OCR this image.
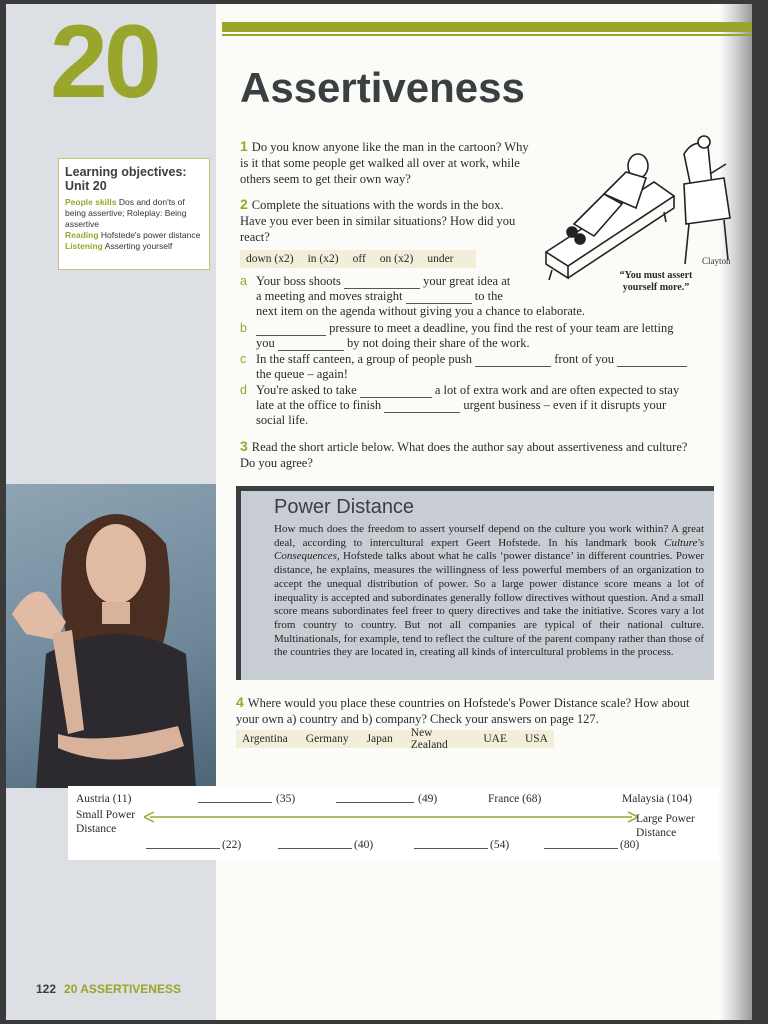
20 Assertiveness
Learning objectives: Unit 20
People skills Dos and don'ts of being assertive; Roleplay: Being assertive
Reading Hofstede's power distance
Listening Asserting yourself
1 Do you know anyone like the man in the cartoon? Why is it that some people get walked all over at work, while others seem to get their own way?
2 Complete the situations with the words in the box. Have you ever been in similar situations? How did you react?
down (x2) in (x2) off on (x2) under	Clayton
“You must assert yourself more.”
a Your boss shoots	your great idea at
a meeting and moves straight	to the
next item on the agenda without giving you a chance to elaborate.
b	pressure to meet a deadline, you find the rest of your team are letting
you	by not doing their share of the work.
c In the staff canteen, a group of people push	front of you
the queue – again!
d You're asked to take	a lot of extra work and are often expected to stay
late at the office to finish	urgent business – even if it disrupts your
social life.
3 Read the short article below. What does the author say about assertiveness and culture? Do you agree?
Power Distance
How much does the freedom to assert yourself depend on the culture you work within? A great deal, according to intercultural expert Geert Hofstede. In his landmark book Culture's Consequences, Hofstede talks about what he calls ‘power distance’ in different countries. Power distance, he explains, measures the willingness of less powerful members of an organization to accept the unequal distribution of power. So a large power distance score means a lot of inequality is accepted and subordinates generally follow directives without question. And a small score means subordinates feel freer to query directives and take the initiative. Scores vary a lot from country to country. But not all companies are typical of their national culture. Multinationals, for example, tend to reflect the culture of the parent company rather than those of the countries they are located in, creating all kinds of intercultural problems in the process.
4 Where would you place these countries on Hofstede's Power Distance scale? How about your own a) country and b) company? Check your answers on page 127.
Argentina Germany Japan New Zealand	UAE USA
Austria (11)
Small Power
Distance
(35)	(49)	France (68)	Malaysia (104)
Large Power
Distance
(22)	(40)	(54)	(80)
122 20 ASSERTIVENESS
